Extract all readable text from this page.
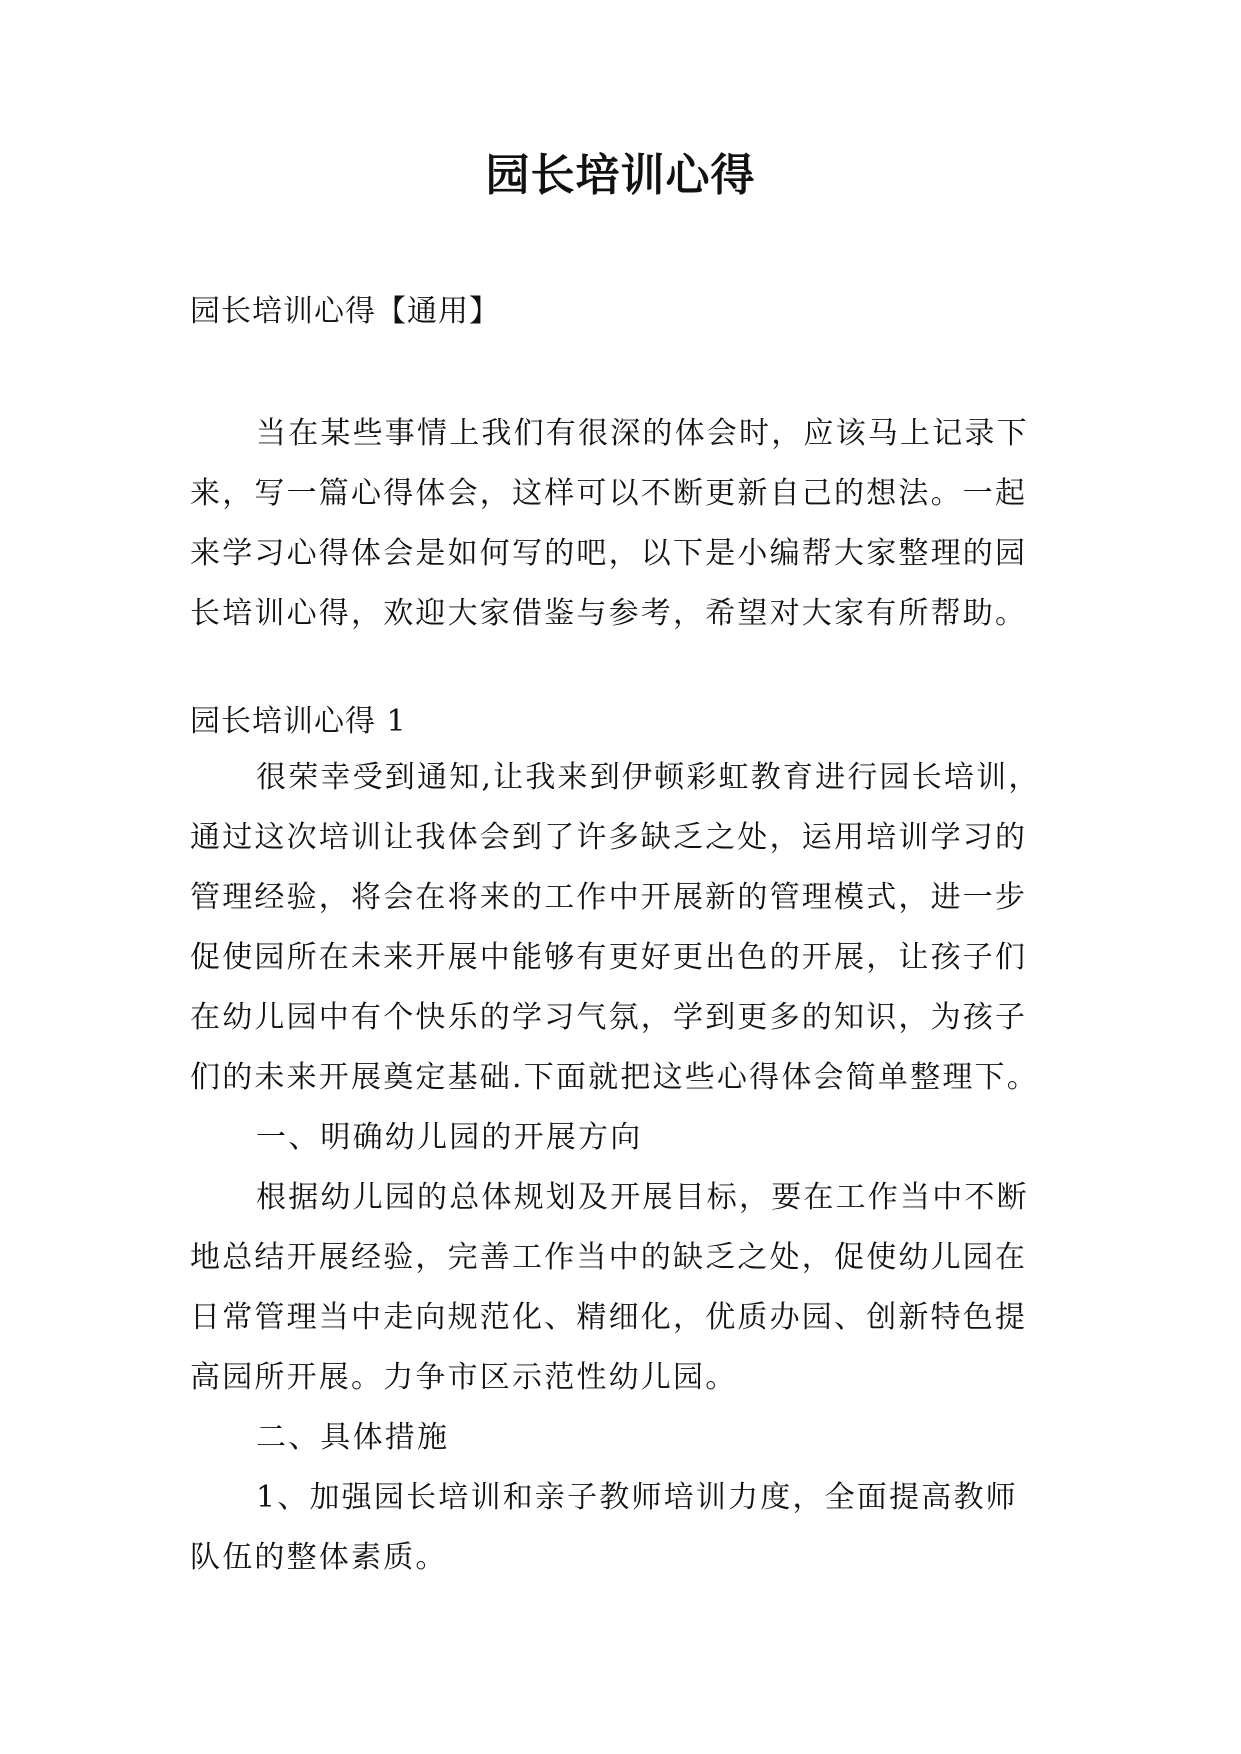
园长培训心得
园长培训心得【通用】
当在某些事情上我们有很深的体会时，应该马上记录下
来，写一篇心得体会，这样可以不断更新自己的想法。一起
来学习心得体会是如何写的吧，以下是小编帮大家整理的园
长培训心得，欢迎大家借鉴与参考，希望对大家有所帮助。
园长培训心得 1
很荣幸受到通知,让我来到伊顿彩虹教育进行园长培训，
通过这次培训让我体会到了许多缺乏之处，运用培训学习的
管理经验，将会在将来的工作中开展新的管理模式，进一步
促使园所在未来开展中能够有更好更出色的开展，让孩子们
在幼儿园中有个快乐的学习气氛，学到更多的知识，为孩子
们的未来开展奠定基础.下面就把这些心得体会简单整理下。
一、明确幼儿园的开展方向
根据幼儿园的总体规划及开展目标，要在工作当中不断
地总结开展经验，完善工作当中的缺乏之处，促使幼儿园在
日常管理当中走向规范化、精细化，优质办园、创新特色提
高园所开展。力争市区示范性幼儿园。
二、具体措施
1、加强园长培训和亲子教师培训力度，全面提高教师
队伍的整体素质。
